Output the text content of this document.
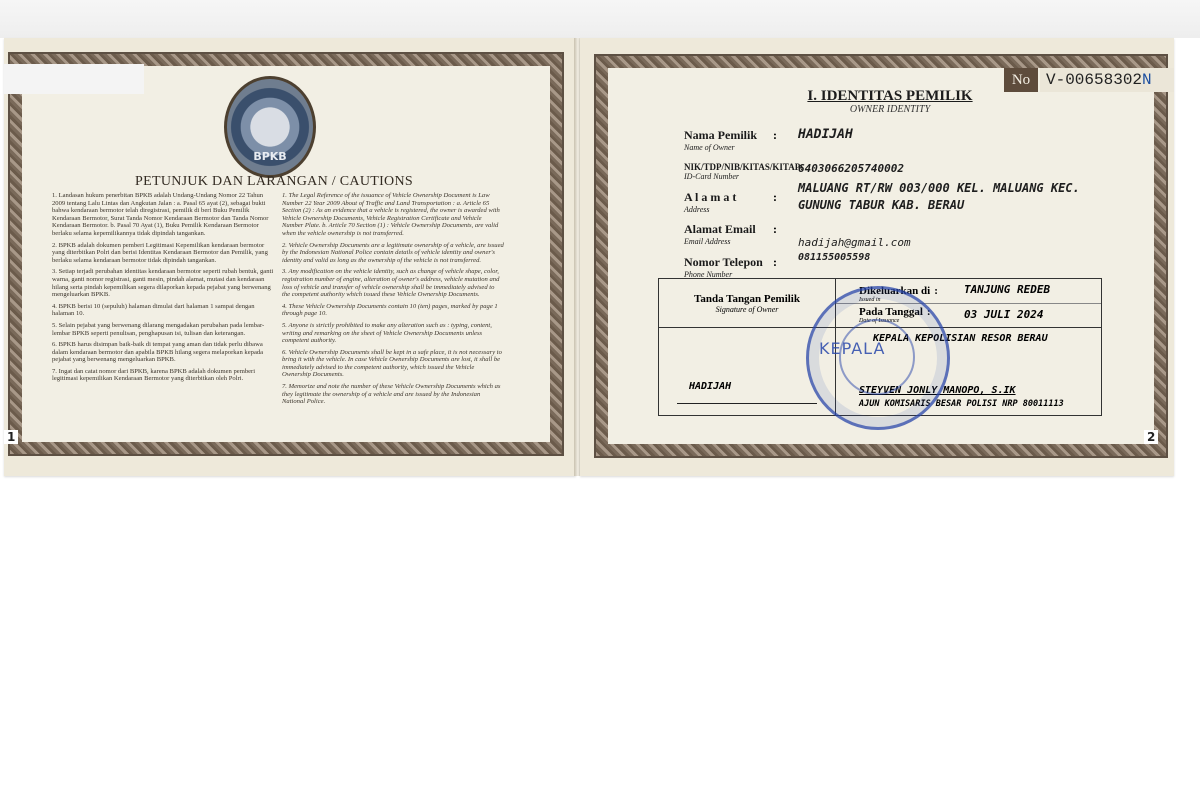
BPKB
PETUNJUK DAN LARANGAN / CAUTIONS

1. Landasan hukum penerbitan BPKB adalah Undang-Undang Nomor 22 Tahun 2009 tentang Lalu Lintas dan Angkutan Jalan : a. Pasal 65 ayat (2), sebagai bukti bahwa kendaraan bermotor telah diregistrasi, pemilik di beri Buku Pemilik Kendaraan Bermotor, Surat Tanda Nomor Kendaraan Bermotor dan Tanda Nomor Kendaraan Bermotor. b. Pasal 70 Ayat (1), Buku Pemilik Kendaraan Bermotor berlaku selama kepemilikannya tidak dipindah tangankan.

2. BPKB adalah dokumen pemberi Legitimasi Kepemilikan kendaraan bermotor yang diterbitkan Polri dan berisi Identitas Kendaraan Bermotor dan Pemilik, yang berlaku selama kendaraan bermotor tidak dipindah tangankan.

3. Setiap terjadi perubahan identitas kendaraan bermotor seperti rubah bentuk, ganti warna, ganti nomor registrasi, ganti mesin, pindah alamat, mutasi dan kendaraan hilang serta pindah kepemilikan segera dilaporkan kepada pejabat yang berwenang mengeluarkan BPKB.

4. BPKB berisi 10 (sepuluh) halaman dimulai dari halaman 1 sampai dengan halaman 10.

5. Selain pejabat yang berwenang dilarang mengadakan perubahan pada lembar-lembar BPKB seperti penulisan, penghapusan isi, tulisan dan keterangan.

6. BPKB harus disimpan baik-baik di tempat yang aman dan tidak perlu dibawa dalam kendaraan bermotor dan apabila BPKB hilang segera melaporkan kepada pejabat yang berwenang mengeluarkan BPKB.

7. Ingat dan catat nomor dari BPKB, karena BPKB adalah dokumen pemberi legitimasi kepemilikan Kendaraan Bermotor yang diterbitkan oleh Polri.

1. The Legal Reference of the issuance of Vehicle Ownership Document is Law Number 22 Year 2009 About of Traffic and Land Transportation : a. Article 65 Section (2) : As an evidence that a vehicle is registered, the owner is awarded with Vehicle Ownership Documents, Vehicle Registration Certificate and Vehicle Number Plate. b. Article 70 Section (1) : Vehicle Ownership Documents, are valid when the vehicle ownership is not transferred.

2. Vehicle Ownership Documents are a legitimate ownership of a vehicle, are issued by the Indonesian National Police contain details of vehicle identity and owner's identity and valid as long as the ownership of the vehicle is not transferred.

3. Any modification on the vehicle identity, such as change of vehicle shape, color, registration number of engine, alteration of owner's address, vehicle mutation and loss of vehicle and transfer of vehicle ownership shall be immediately advised to the competent authority which issued these Vehicle Ownership Documents.

4. These Vehicle Ownership Documents contain 10 (ten) pages, marked by page 1 through page 10.

5. Anyone is strictly prohibited to make any alteration such as : typing, content, writing and remarking on the sheet of Vehicle Ownership Documents unless competent authority.

6. Vehicle Ownership Documents shall be kept in a safe place, it is not necessary to bring it with the vehicle. In case Vehicle Ownership Documents are lost, it shall be immediately advised to the competent authority, which issued the Vehicle Ownership Documents.

7. Memorize and note the number of these Vehicle Ownership Documents which as they legitimate the ownership of a vehicle and are issued by the Indonesian National Police.

1
No V-00658302N
I. IDENTITAS PEMILIK
OWNER IDENTITY
Nama Pemilik
Name of Owner
: HADIJAH
NIK/TDP/NIB/KITAS/KITAP:
ID-Card Number
6403066205740002
A l a m a t
Address
:
MALUANG RT/RW 003/000 KEL. MALUANG KEC.
GUNUNG TABUR KAB. BERAU
Alamat Email
Email Address
:
hadijah@gmail.com
Nomor Telepon
Phone Number
: 081155005598
Tanda Tangan Pemilik
Signature of Owner
Dikeluarkan di :
Issued in
TANJUNG REDEB
Pada Tanggal :
Date of Issuance	03 JULI 2024
KEPALA KEPOLISIAN RESOR BERAU
HADIJAH	STEYVEN JONLY MANOPO, S.IK
AJUN KOMISARIS BESAR POLISI NRP 80011113
KEPALA
2
